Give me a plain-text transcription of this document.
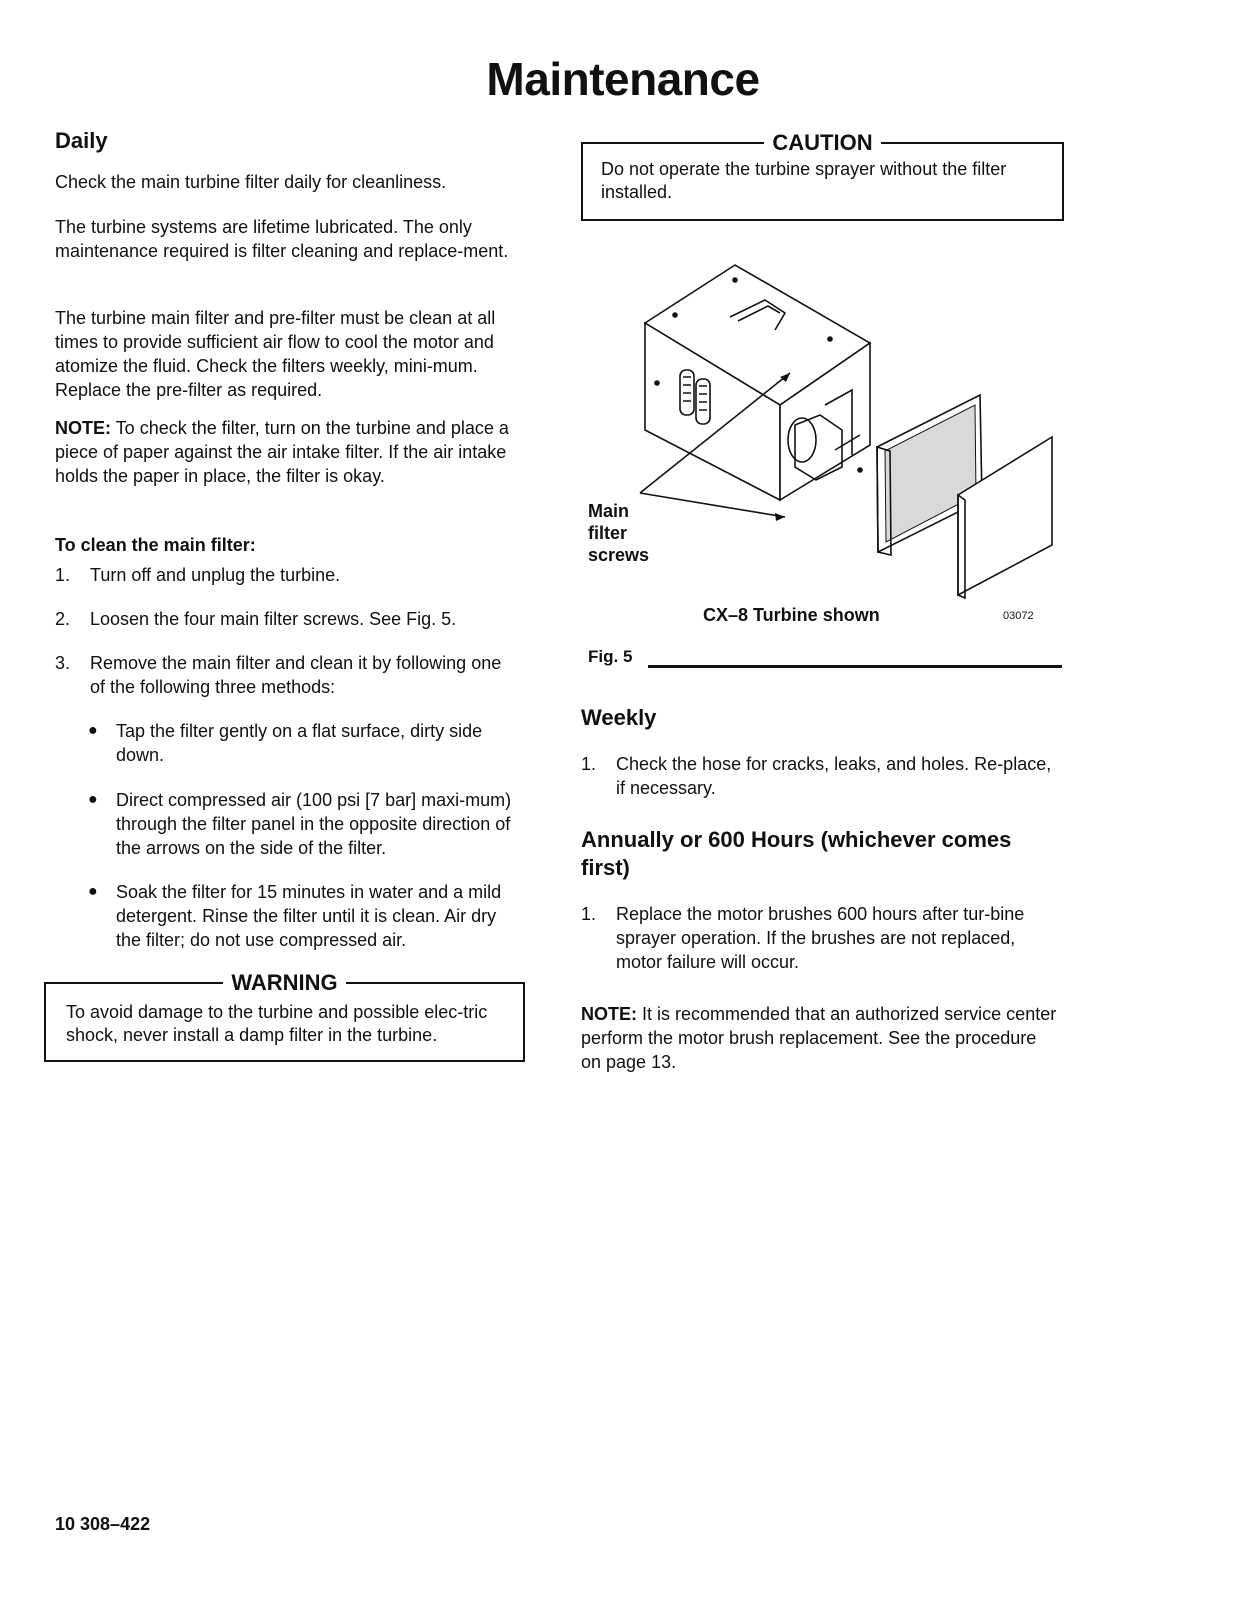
Maintenance
Daily

Check the main turbine filter daily for cleanliness.

The turbine systems are lifetime lubricated. The only maintenance required is filter cleaning and replace-ment.

The turbine main filter and pre-filter must be clean at all times to provide sufficient air flow to cool the motor and atomize the fluid. Check the filters weekly, mini-mum. Replace the pre-filter as required.

NOTE: To check the filter, turn on the turbine and place a piece of paper against the air intake filter. If the air intake holds the paper in place, the filter is okay.

To clean the main filter:
1. Turn off and unplug the turbine.
2. Loosen the four main filter screws. See Fig. 5.
3. Remove the main filter and clean it by following one of the following three methods:
● Tap the filter gently on a flat surface, dirty side down.
● Direct compressed air (100 psi [7 bar] maxi-mum) through the filter panel in the opposite direction of the arrows on the side of the filter.
● Soak the filter for 15 minutes in water and a mild detergent. Rinse the filter until it is clean. Air dry the filter; do not use compressed air.
WARNING
To avoid damage to the turbine and possible elec-tric shock, never install a damp filter in the turbine.
CAUTION
Do not operate the turbine sprayer without the filter installed.
Main
filter
screws
CX–8 Turbine shown	03072
Fig. 5
Weekly
1. Check the hose for cracks, leaks, and holes. Re-place, if necessary.
Annually or 600 Hours (whichever comes first)
1. Replace the motor brushes 600 hours after tur-bine sprayer operation. If the brushes are not replaced, motor failure will occur.

NOTE: It is recommended that an authorized service center perform the motor brush replacement. See the procedure on page 13.

10 308–422
